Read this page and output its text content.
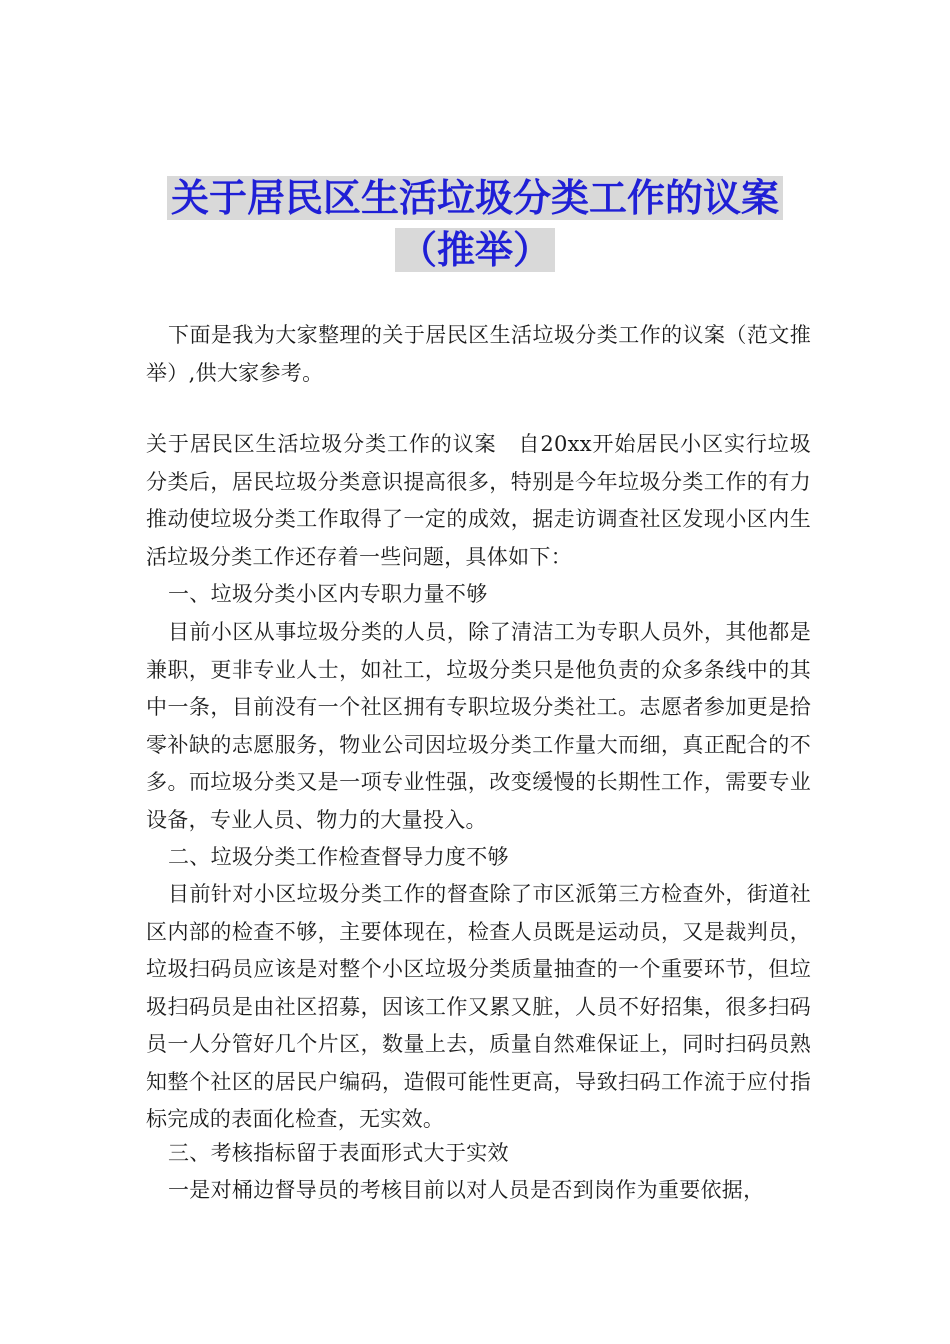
关于居民区生活垃圾分类工作的议案
（推举）

下面是我为大家整理的关于居民区生活垃圾分类工作的议案（范文推举）,供大家参考。

关于居民区生活垃圾分类工作的议案　自20xx开始居民小区实行垃圾分类后，居民垃圾分类意识提高很多，特别是今年垃圾分类工作的有力推动使垃圾分类工作取得了一定的成效，据走访调查社区发现小区内生活垃圾分类工作还存着一些问题，具体如下：

一、垃圾分类小区内专职力量不够

目前小区从事垃圾分类的人员，除了清洁工为专职人员外，其他都是兼职，更非专业人士，如社工，垃圾分类只是他负责的众多条线中的其中一条，目前没有一个社区拥有专职垃圾分类社工。志愿者参加更是拾零补缺的志愿服务，物业公司因垃圾分类工作量大而细，真正配合的不多。而垃圾分类又是一项专业性强，改变缓慢的长期性工作，需要专业设备，专业人员、物力的大量投入。

二、垃圾分类工作检查督导力度不够

目前针对小区垃圾分类工作的督查除了市区派第三方检查外，街道社区内部的检查不够，主要体现在，检查人员既是运动员，又是裁判员，垃圾扫码员应该是对整个小区垃圾分类质量抽查的一个重要环节，但垃圾扫码员是由社区招募，因该工作又累又脏，人员不好招集，很多扫码员一人分管好几个片区，数量上去，质量自然难保证上，同时扫码员熟知整个社区的居民户编码，造假可能性更高，导致扫码工作流于应付指标完成的表面化检查，无实效。

三、考核指标留于表面形式大于实效

一是对桶边督导员的考核目前以对人员是否到岗作为重要依据，
